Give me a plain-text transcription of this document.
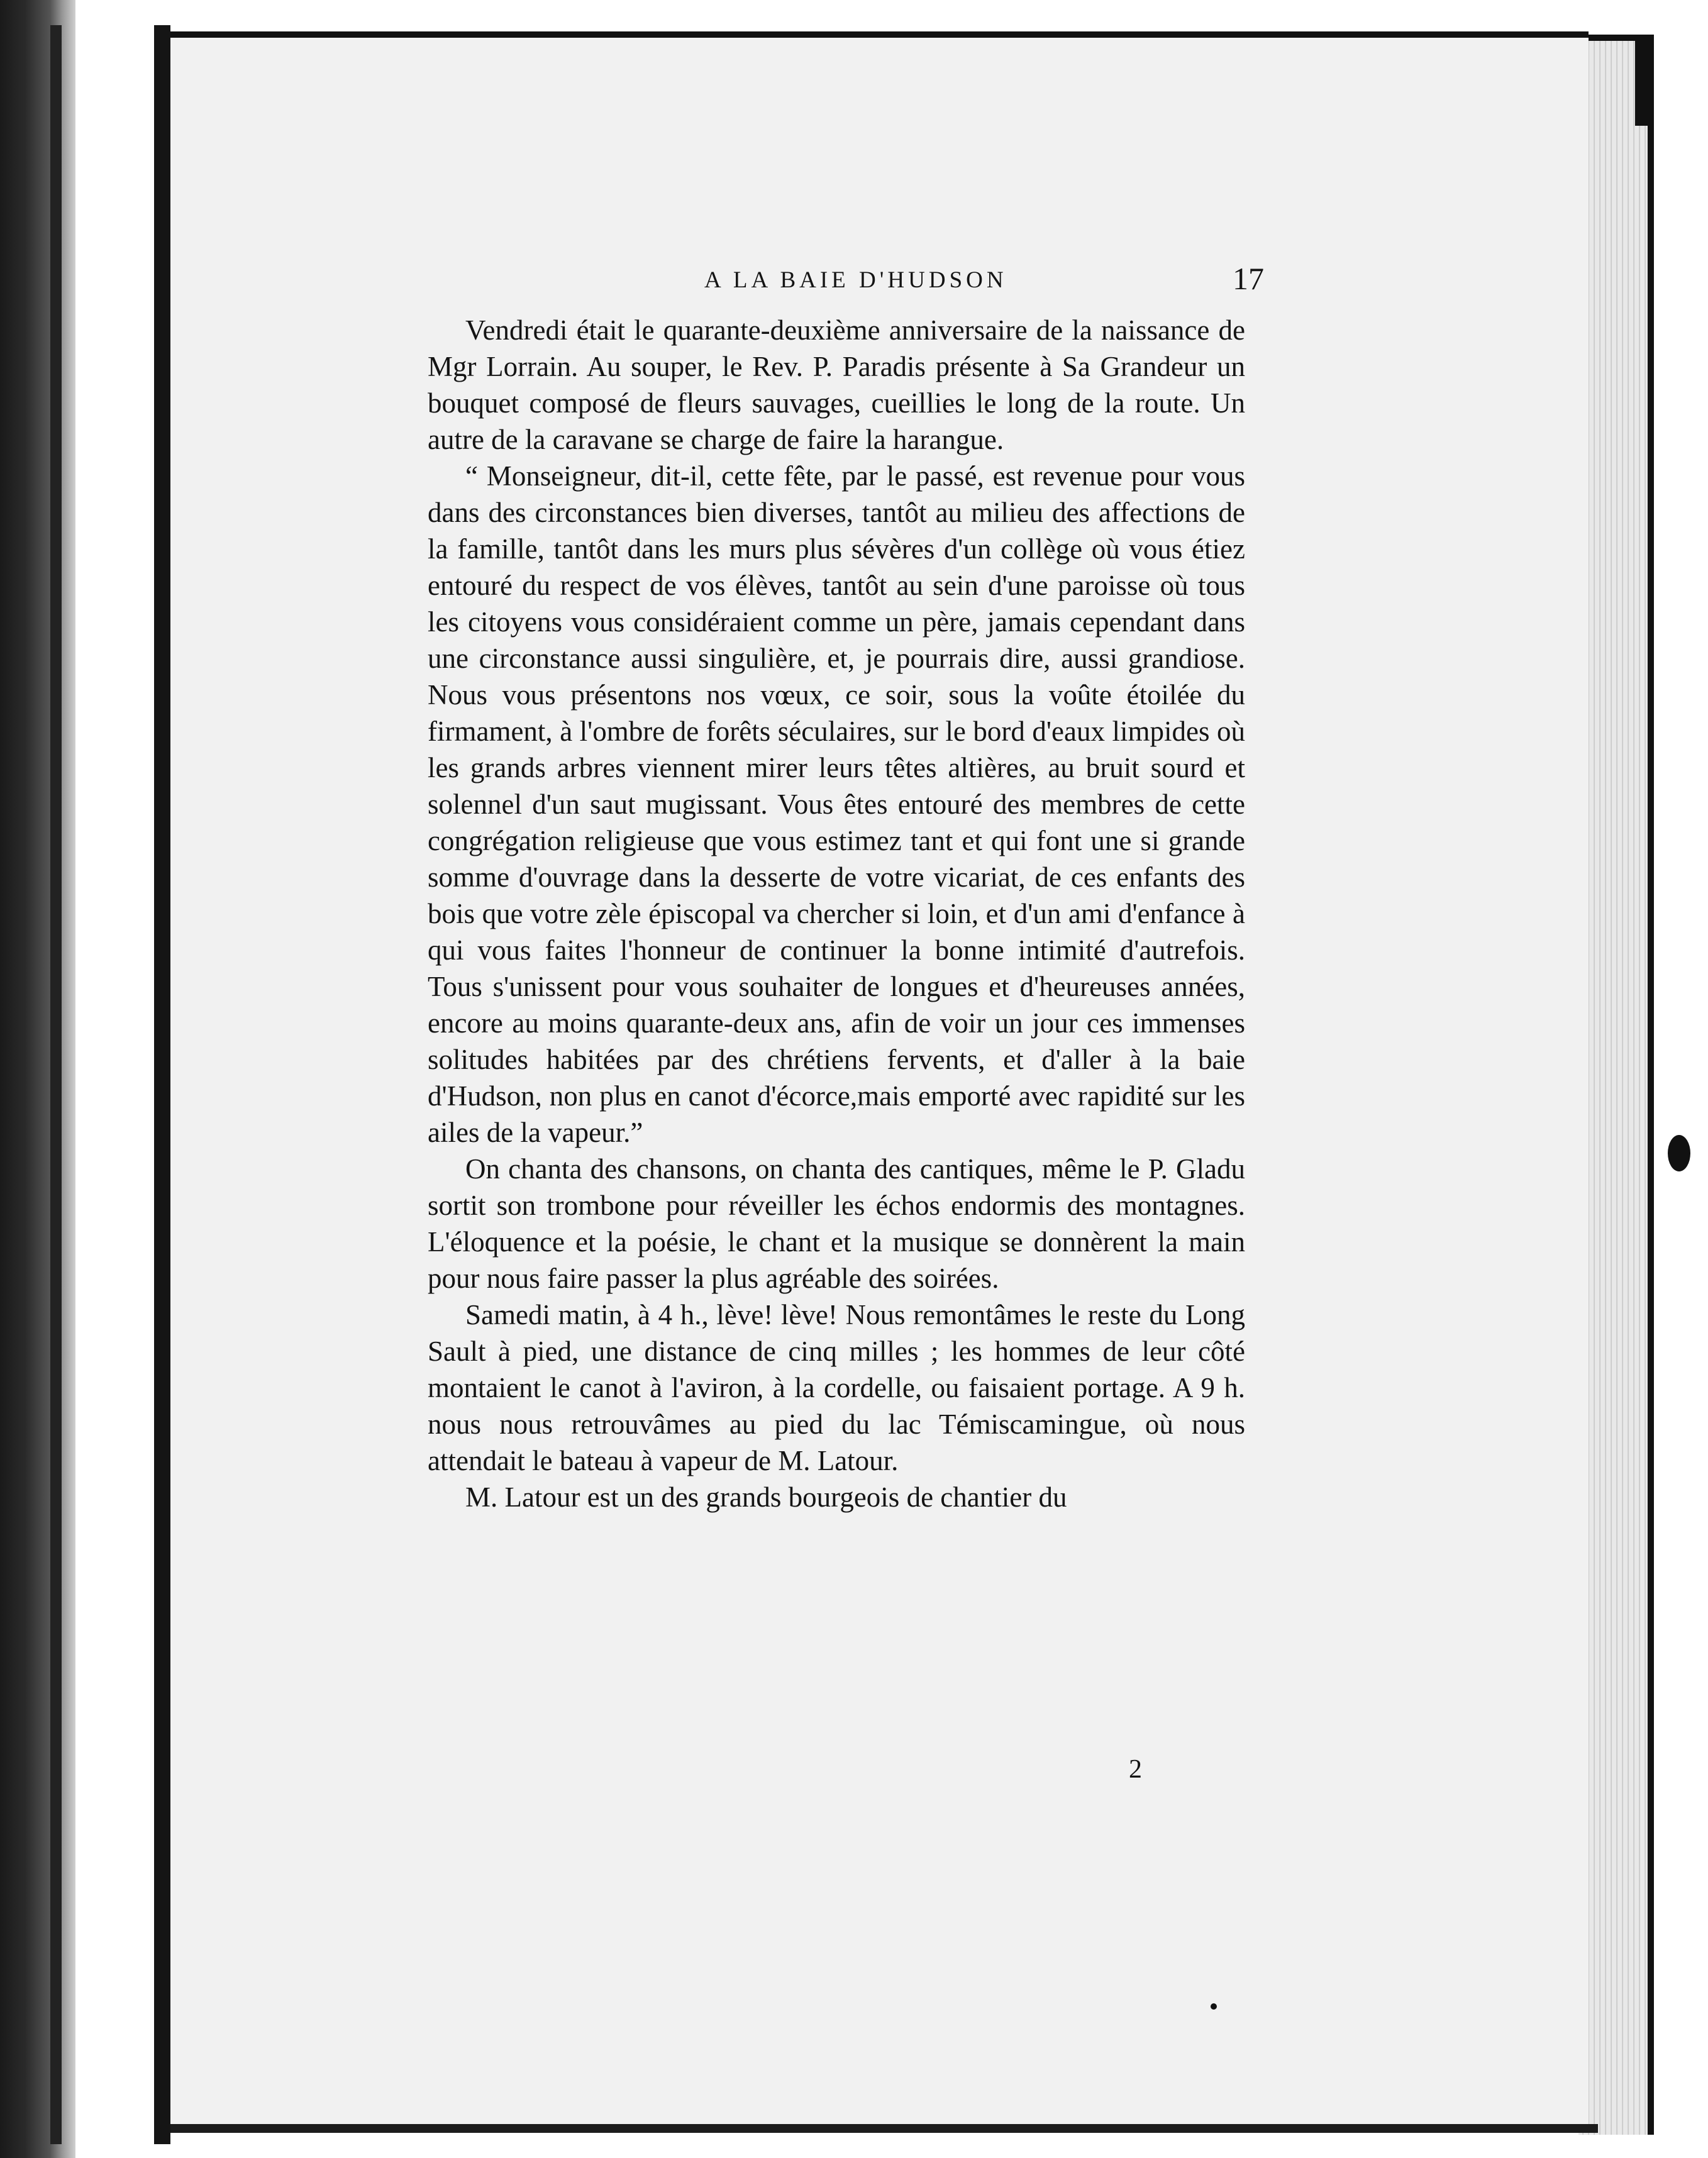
A LA BAIE D'HUDSON	17

Vendredi était le quarante-deuxième anniversaire de la naissance de Mgr Lorrain. Au souper, le Rev. P. Paradis présente à Sa Grandeur un bouquet composé de fleurs sauvages, cueillies le long de la route. Un autre de la caravane se charge de faire la harangue.

“ Monseigneur, dit-il, cette fête, par le passé, est revenue pour vous dans des circonstances bien diverses, tantôt au milieu des affections de la famille, tantôt dans les murs plus sévères d'un collège où vous étiez entouré du respect de vos élèves, tantôt au sein d'une paroisse où tous les citoyens vous considéraient comme un père, jamais cependant dans une circonstance aussi singulière, et, je pourrais dire, aussi grandiose. Nous vous présentons nos vœux, ce soir, sous la voûte étoilée du firmament, à l'ombre de forêts séculaires, sur le bord d'eaux limpides où les grands arbres viennent mirer leurs têtes altières, au bruit sourd et solennel d'un saut mugissant. Vous êtes entouré des membres de cette congrégation religieuse que vous estimez tant et qui font une si grande somme d'ouvrage dans la desserte de votre vicariat, de ces enfants des bois que votre zèle épiscopal va chercher si loin, et d'un ami d'enfance à qui vous faites l'honneur de continuer la bonne intimité d'autrefois. Tous s'unissent pour vous souhaiter de longues et d'heureuses années, encore au moins quarante-deux ans, afin de voir un jour ces immenses solitudes habitées par des chrétiens fervents, et d'aller à la baie d'Hudson, non plus en canot d'écorce,mais emporté avec rapidité sur les ailes de la vapeur.”

On chanta des chansons, on chanta des cantiques, même le P. Gladu sortit son trombone pour réveiller les échos endormis des montagnes. L'éloquence et la poésie, le chant et la musique se donnèrent la main pour nous faire passer la plus agréable des soirées.

Samedi matin, à 4 h., lève! lève! Nous remontâmes le reste du Long Sault à pied, une distance de cinq milles ; les hommes de leur côté montaient le canot à l'aviron, à la cordelle, ou faisaient portage. A 9 h. nous nous retrouvâmes au pied du lac Témiscamingue, où nous attendait le bateau à vapeur de M. Latour.

M. Latour est un des grands bourgeois de chantier du

2
